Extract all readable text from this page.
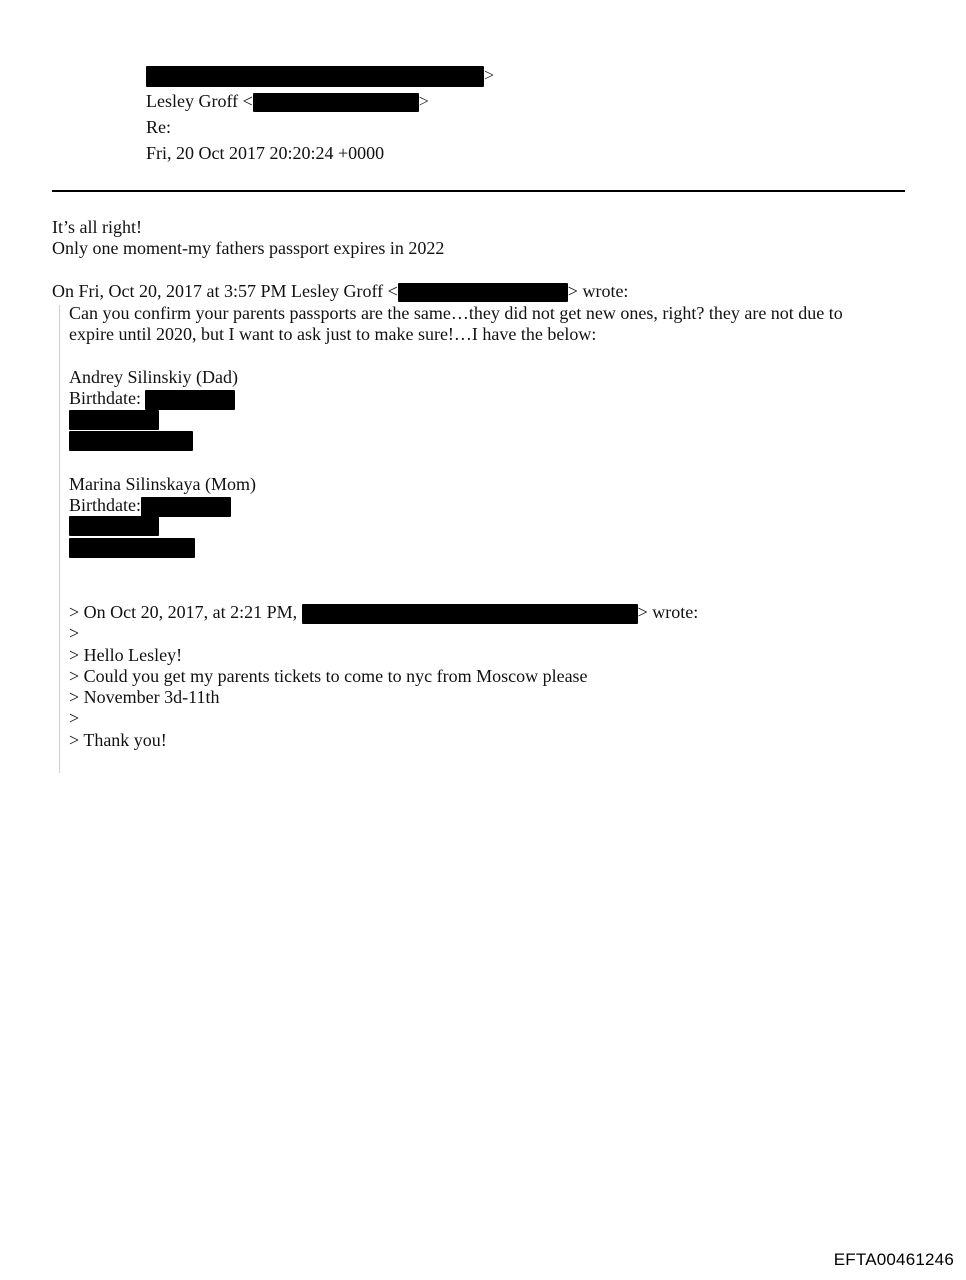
>
Lesley Groff <	>
Re:
Fri, 20 Oct 2017 20:20:24 +0000
It’s all right!
Only one moment-my fathers passport expires in 2022
On Fri, Oct 20, 2017 at 3:57 PM Lesley Groff <	> wrote:
Can you confirm your parents passports are the same…they did not get new ones, right? they are not due to
expire until 2020, but I want to ask just to make sure!…I have the below:
Andrey Silinskiy (Dad)
Birthdate:
Marina Silinskaya (Mom)
Birthdate:
> On Oct 20, 2017, at 2:21 PM,	> wrote:
>
> Hello Lesley!
> Could you get my parents tickets to come to nyc from Moscow please
> November 3d-11th
>
> Thank you!
EFTA00461246
